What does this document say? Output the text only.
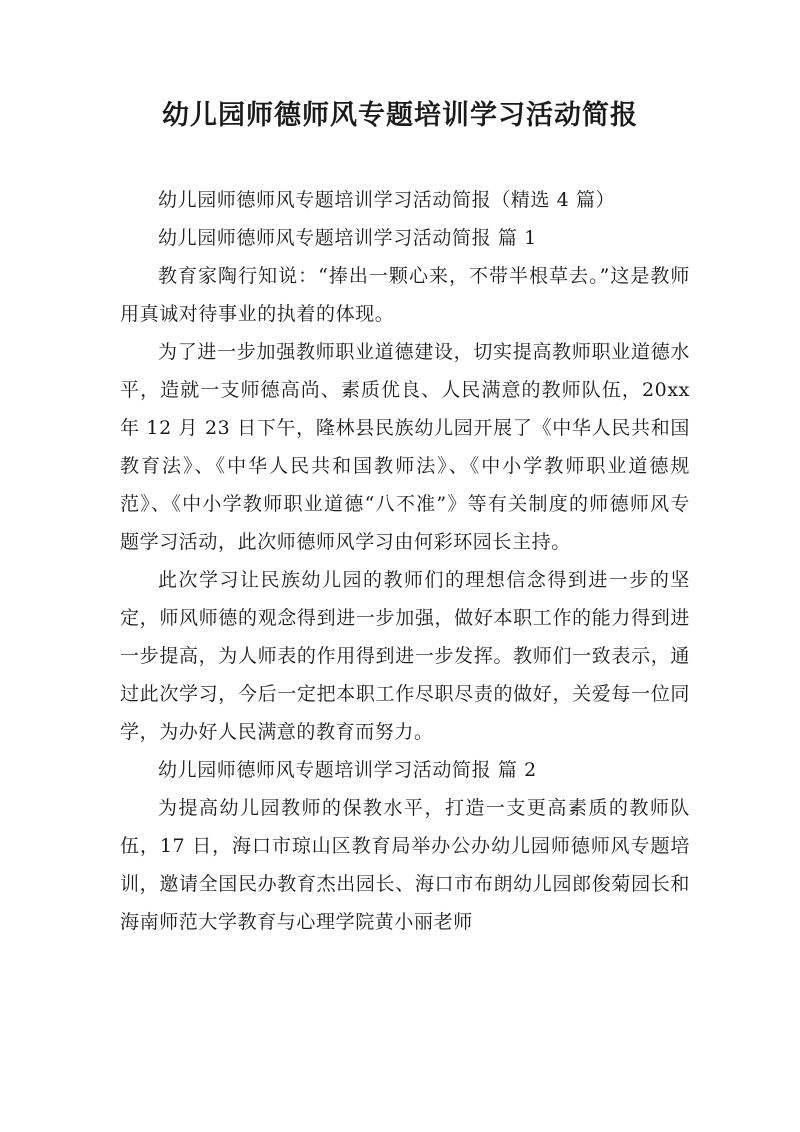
幼儿园师德师风专题培训学习活动简报

幼儿园师德师风专题培训学习活动简报（精选 4 篇）

幼儿园师德师风专题培训学习活动简报 篇 1

教育家陶行知说：“捧出一颗心来，不带半根草去。”这是教师用真诚对待事业的执着的体现。

为了进一步加强教师职业道德建设，切实提高教师职业道德水平，造就一支师德高尚、素质优良、人民满意的教师队伍，20xx 年 12 月 23 日下午，隆林县民族幼儿园开展了《中华人民共和国教育法》、《中华人民共和国教师法》、《中小学教师职业道德规范》、《中小学教师职业道德“八不准”》等有关制度的师德师风专题学习活动，此次师德师风学习由何彩环园长主持。

此次学习让民族幼儿园的教师们的理想信念得到进一步的坚定，师风师德的观念得到进一步加强，做好本职工作的能力得到进一步提高，为人师表的作用得到进一步发挥。教师们一致表示，通过此次学习，今后一定把本职工作尽职尽责的做好，关爱每一位同学，为办好人民满意的教育而努力。

幼儿园师德师风专题培训学习活动简报 篇 2

为提高幼儿园教师的保教水平，打造一支更高素质的教师队伍，17 日，海口市琼山区教育局举办公办幼儿园师德师风专题培训，邀请全国民办教育杰出园长、海口市布朗幼儿园郎俊菊园长和海南师范大学教育与心理学院黄小丽老师
